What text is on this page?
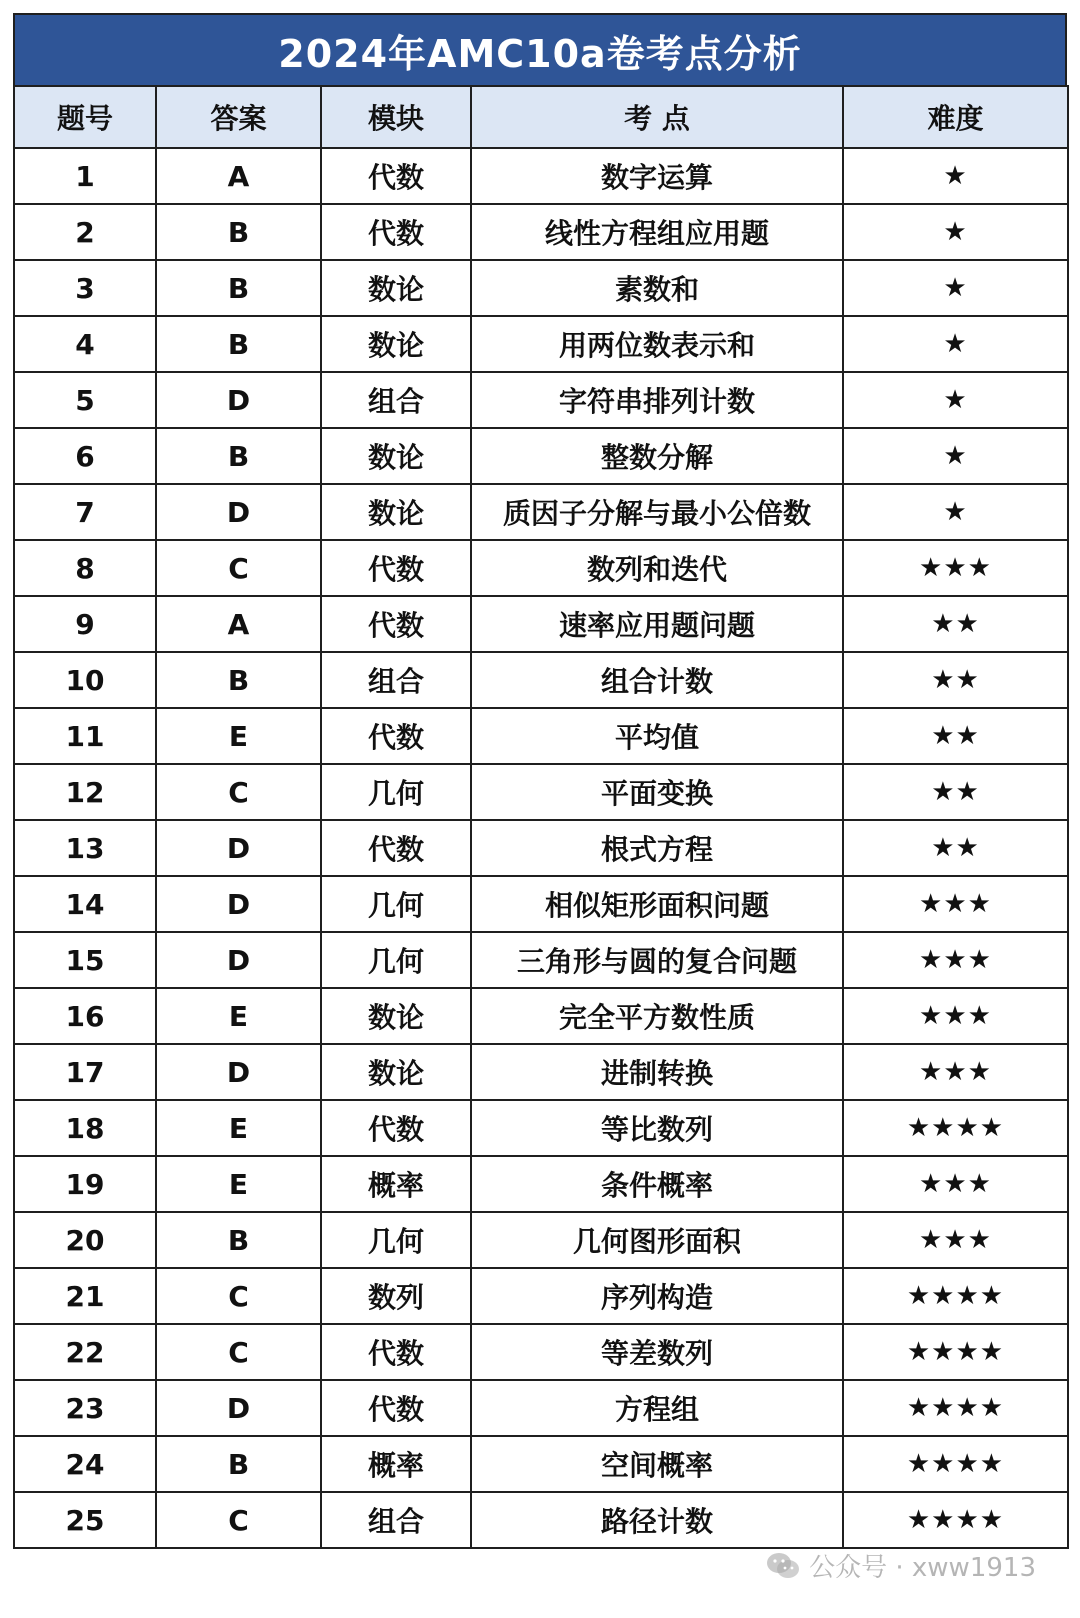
2024年AMC10a卷考点分析
题号	答案	模块	考 点	难度
1	A	代数	数字运算	★
2	B	代数	线性方程组应用题	★
3	B	数论	素数和	★
4	B	数论	用两位数表示和	★
5	D	组合	字符串排列计数	★
6	B	数论	整数分解	★
7	D	数论	质因子分解与最小公倍数	★
8	C	代数	数列和迭代	★★★
9	A	代数	速率应用题问题	★★
10	B	组合	组合计数	★★
11	E	代数	平均值	★★
12	C	几何	平面变换	★★
13	D	代数	根式方程	★★
14	D	几何	相似矩形面积问题	★★★
15	D	几何	三角形与圆的复合问题	★★★
16	E	数论	完全平方数性质	★★★
17	D	数论	进制转换	★★★
18	E	代数	等比数列	★★★★
19	E	概率	条件概率	★★★
20	B	几何	几何图形面积	★★★
21	C	数列	序列构造	★★★★
22	C	代数	等差数列	★★★★
23	D	代数	方程组	★★★★
24	B	概率	空间概率	★★★★
25	C	组合	路径计数	★★★★
公众号 · xww1913
